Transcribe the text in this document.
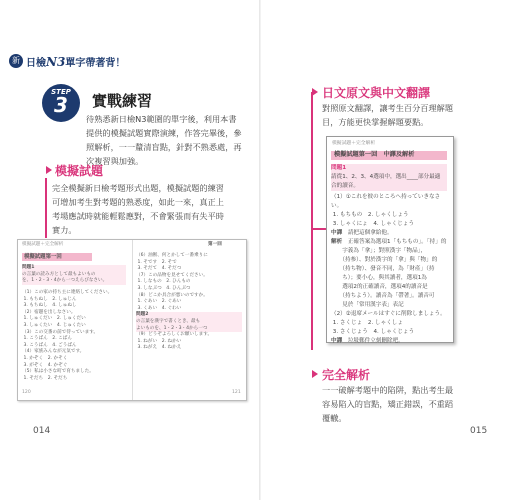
新 日檢N3單字帶著背！
STEP
3	實戰練習
待熟悉新日檢N3範圍的單字後，利用本書
提供的模擬試題實際演練，作答完畢後，參
照解析，一一釐清盲點，針對不熟悉處，再
次複習與加強。
模擬試題
完全模擬新日檢考題形式出題，模擬試題的練習
可增加考生對考題的熟悉度，如此一來，真正上
考場應試時就能輕鬆應對，不會緊張而有失平時
實力。
模擬試題＋完全解析
模擬試題第一回
問題1
の言葉の読み方として最もよいもの
を、1・2・3・4から一つえらびなさい。
（1）この家の持ち主に連絡してください。
1. もちぬし　 2. しゅじん
3. もちぬし　 4. しゅぬし
（2）宿題を出しなさい。
1. しゅくだい　 2. しゅくだい
3. しゅくたい　 4. じゅくたい
（3）この交番の前で待っています。
1. こうばん　 2. こばん
3. こうばん　 4. ごうばん
（4）家族みんなが元気です。
1. かぞく　 2. かそく
3. がぞく　 4. かぞぐ
（5）私は小さな町で育ちました。
1. そだち　 2. そだち
120	121
第一回
（6）油断、何とかして一番乗りに
1. そです　 2. そで
3. そだて　 4. そだつ
（7）この品物を見せてください。
1. しなもの　 2. ひんもの
3. しなぶつ　 4. ひんぶつ
（8）どこか具合が悪いのですか。
1. ぐあい　 2. ぐあい
3. くあい　 4. ぐわい
問題2
の言葉を漢字で書くとき、最も
よいものを、1・2・3・4から一つ
（9）どうぞよろしくお願いします。
1. ねがい　 2. ねかい
3. ねがえ　 4. ねかえ
014
日文原文與中文翻譯
對照原文翻譯，讓考生百分百理解題
目，方能更快掌握解題要點。
模擬試題＋完全解析
模擬試題第一回　 中譯及解析
問題1
請從1、2、3、4選項中，選出____部分最適
合的讀音。
（1）①これを彼のところへ持っていきなさい。
1. もちもの　 2. しゃくしょう
3. しゃくにょ　 4. しゃくじょう
中譯　 請把這個拿給他。
解析　 正確答案為選項1「もちもの」。「持」的
　　字義為「拿」；對照漢字「物品」，
　　（持参）、對於漢字的「拿」與「物」的
　　（持ち物）、發音不同，為「財產」（持
　　ち）；要小心，與其讀者，選項1為
　　選項2的正確讀音，選項4的讀音是
　　（持ちよう）。讀音為「帶著」。讀音可
　　見於「常用漢字表」表記
（2）②退席メールはすぐに削除しましょう。
1. さくじょ　 2. しゃくしょ
3. さくじょう　 4. しゃくじょう
中譯　 垃圾郵件立刻刪除吧。
完全解析
一一破解考題中的陷阱，點出考生最
容易陷入的盲點，矯正錯誤，不重蹈
覆轍。
015
